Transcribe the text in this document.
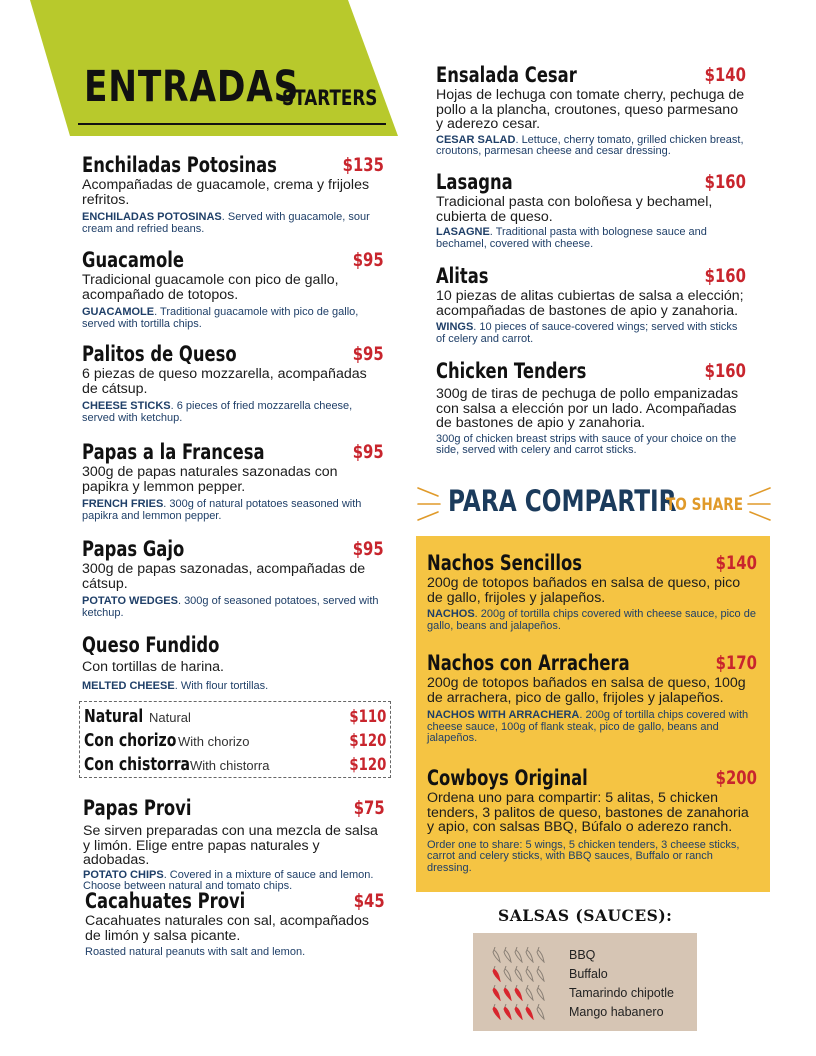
ENTRADAS
STARTERS
Enchiladas Potosinas	$135
Acompañadas de guacamole, crema y frijoles refritos.
ENCHILADAS POTOSINAS. Served with guacamole, sour cream and refried beans.
Guacamole	$95
Tradicional guacamole con pico de gallo, acompañado de totopos.
GUACAMOLE. Traditional guacamole with pico de gallo, served with tortilla chips.
Palitos de Queso	$95
6 piezas de queso mozzarella, acompañadas de cátsup.
CHEESE STICKS. 6 pieces of fried mozzarella cheese, served with ketchup.
Papas a la Francesa	$95
300g de papas naturales sazonadas con papikra y lemmon pepper.
FRENCH FRIES. 300g of natural potatoes seasoned with papikra and lemmon pepper.
Papas Gajo	$95
300g de papas sazonadas, acompañadas de cátsup.
POTATO WEDGES. 300g of seasoned potatoes, served with ketchup.
Queso Fundido
Con tortillas de harina.
MELTED CHEESE. With flour tortillas.
Natural Natural	$110
Con chorizo With chorizo	$120
Con chistorra With chistorra	$120
Papas Provi	$75
Se sirven preparadas con una mezcla de salsa y limón. Elige entre papas naturales y adobadas.
POTATO CHIPS. Covered in a mixture of sauce and lemon. Choose between natural and tomato chips.
Cacahuates Provi	$45
Cacahuates naturales con sal, acompañados de limón y salsa picante.
Roasted natural peanuts with salt and lemon.
Ensalada Cesar	$140
Hojas de lechuga con tomate cherry, pechuga de pollo a la plancha, croutones, queso parmesano y aderezo cesar.
CESAR SALAD. Lettuce, cherry tomato, grilled chicken breast, croutons, parmesan cheese and cesar dressing.
Lasagna	$160
Tradicional pasta con boloñesa y bechamel, cubierta de queso.
LASAGNE. Traditional pasta with bolognese sauce and bechamel, covered with cheese.
Alitas	$160
10 piezas de alitas cubiertas de salsa a elección; acompañadas de bastones de apio y zanahoria.
WINGS. 10 pieces of sauce-covered wings; served with sticks of celery and carrot.
Chicken Tenders	$160
300g de tiras de pechuga de pollo empanizadas con salsa a elección por un lado. Acompañadas de bastones de apio y zanahoria.
300g of chicken breast strips with sauce of your choice on the side, served with celery and carrot sticks.
PARA COMPARTIR
TO SHARE
Nachos Sencillos	$140
200g de totopos bañados en salsa de queso, pico de gallo, frijoles y jalapeños.
NACHOS. 200g of tortilla chips covered with cheese sauce, pico de gallo, beans and jalapeños.
Nachos con Arrachera	$170
200g de totopos bañados en salsa de queso, 100g de arrachera, pico de gallo, frijoles y jalapeños.
NACHOS WITH ARRACHERA. 200g of tortilla chips covered with cheese sauce, 100g of flank steak, pico de gallo, beans and jalapeños.
Cowboys Original	$200
Ordena uno para compartir: 5 alitas, 5 chicken tenders, 3 palitos de queso, bastones de zanahoria y apio, con salsas BBQ, Búfalo o aderezo ranch.
Order one to share: 5 wings, 5 chicken tenders, 3 cheese sticks, carrot and celery sticks, with BBQ sauces, Buffalo or ranch dressing.
SALSAS (SAUCES):
BBQ
Buffalo
Tamarindo chipotle
Mango habanero
